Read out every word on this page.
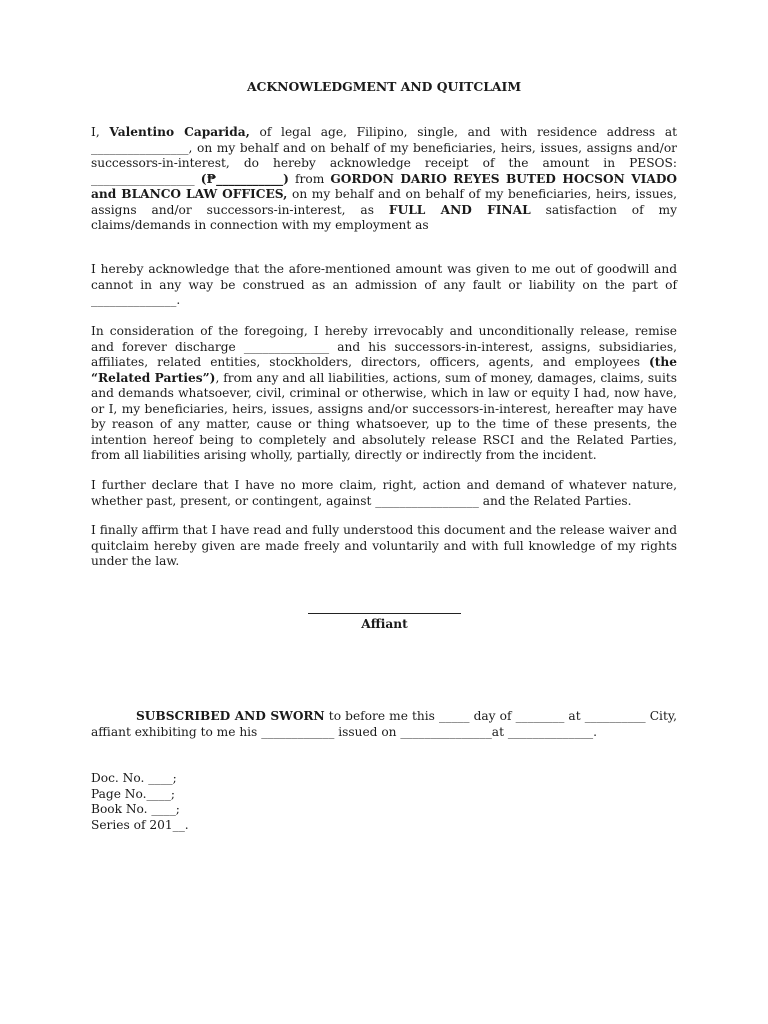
ACKNOWLEDGMENT AND QUITCLAIM
I, Valentino Caparida, of legal age, Filipino, single, and with residence address at ________________, on my behalf and on behalf of my beneficiaries, heirs, issues, assigns and/or successors-in-interest, do hereby acknowledge receipt of the amount in PESOS: _________________ (₱___________) from GORDON DARIO REYES BUTED HOCSON VIADO and BLANCO LAW OFFICES, on my behalf and on behalf of my beneficiaries, heirs, issues, assigns and/or successors-in-interest, as FULL AND FINAL satisfaction of my claims/demands in connection with my employment as
I hereby acknowledge that the afore-mentioned amount was given to me out of goodwill and cannot in any way be construed as an admission of any fault or liability on the part of ______________.
In consideration of the foregoing, I hereby irrevocably and unconditionally release, remise and forever discharge ______________ and his successors-in-interest, assigns, subsidiaries, affiliates, related entities, stockholders, directors, officers, agents, and employees (the “Related Parties”), from any and all liabilities, actions, sum of money, damages, claims, suits and demands whatsoever, civil, criminal or otherwise, which in law or equity I had, now have, or I, my beneficiaries, heirs, issues, assigns and/or successors-in-interest, hereafter may have by reason of any matter, cause or thing whatsoever, up to the time of these presents, the intention hereof being to completely and absolutely release RSCI and the Related Parties, from all liabilities arising wholly, partially, directly or indirectly from the incident.
I further declare that I have no more claim, right, action and demand of whatever nature, whether past, present, or contingent, against _________________ and the Related Parties.
I finally affirm that I have read and fully understood this document and the release waiver and quitclaim hereby given are made freely and voluntarily and with full knowledge of my rights under the law.
Affiant
SUBSCRIBED AND SWORN to before me this _____ day of ________ at __________ City, affiant exhibiting to me his ____________ issued on _______________at ______________.
Doc. No. ____;
Page No.____;
Book No. ____;
Series of 201__.
